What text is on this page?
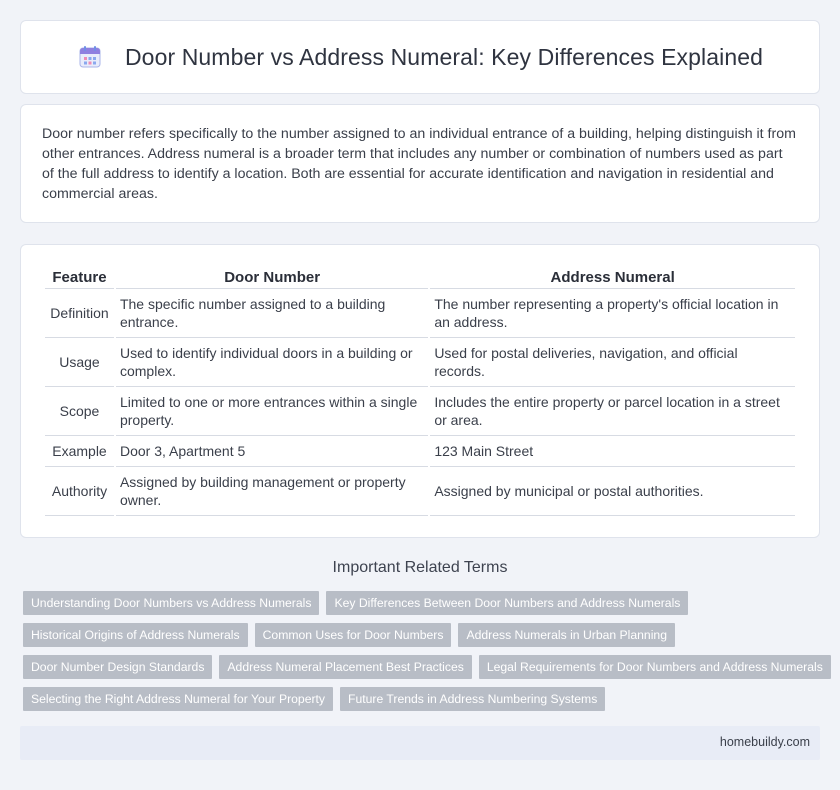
Door Number vs Address Numeral: Key Differences Explained

Door number refers specifically to the number assigned to an individual entrance of a building, helping distinguish it from other entrances. Address numeral is a broader term that includes any number or combination of numbers used as part of the full address to identify a location. Both are essential for accurate identification and navigation in residential and commercial areas.

Feature	Door Number	Address Numeral
Definition	The specific number assigned to a building entrance.	The number representing a property's official location in an address.
Usage	Used to identify individual doors in a building or complex.	Used for postal deliveries, navigation, and official records.
Scope	Limited to one or more entrances within a single property.	Includes the entire property or parcel location in a street or area.
Example	Door 3, Apartment 5	123 Main Street
Authority	Assigned by building management or property owner.	Assigned by municipal or postal authorities.
Important Related Terms
Understanding Door Numbers vs Address Numerals	Key Differences Between Door Numbers and Address Numerals
Historical Origins of Address Numerals	Common Uses for Door Numbers	Address Numerals in Urban Planning
Door Number Design Standards	Address Numeral Placement Best Practices	Legal Requirements for Door Numbers and Address Numerals
Selecting the Right Address Numeral for Your Property	Future Trends in Address Numbering Systems
homebuildy.com
